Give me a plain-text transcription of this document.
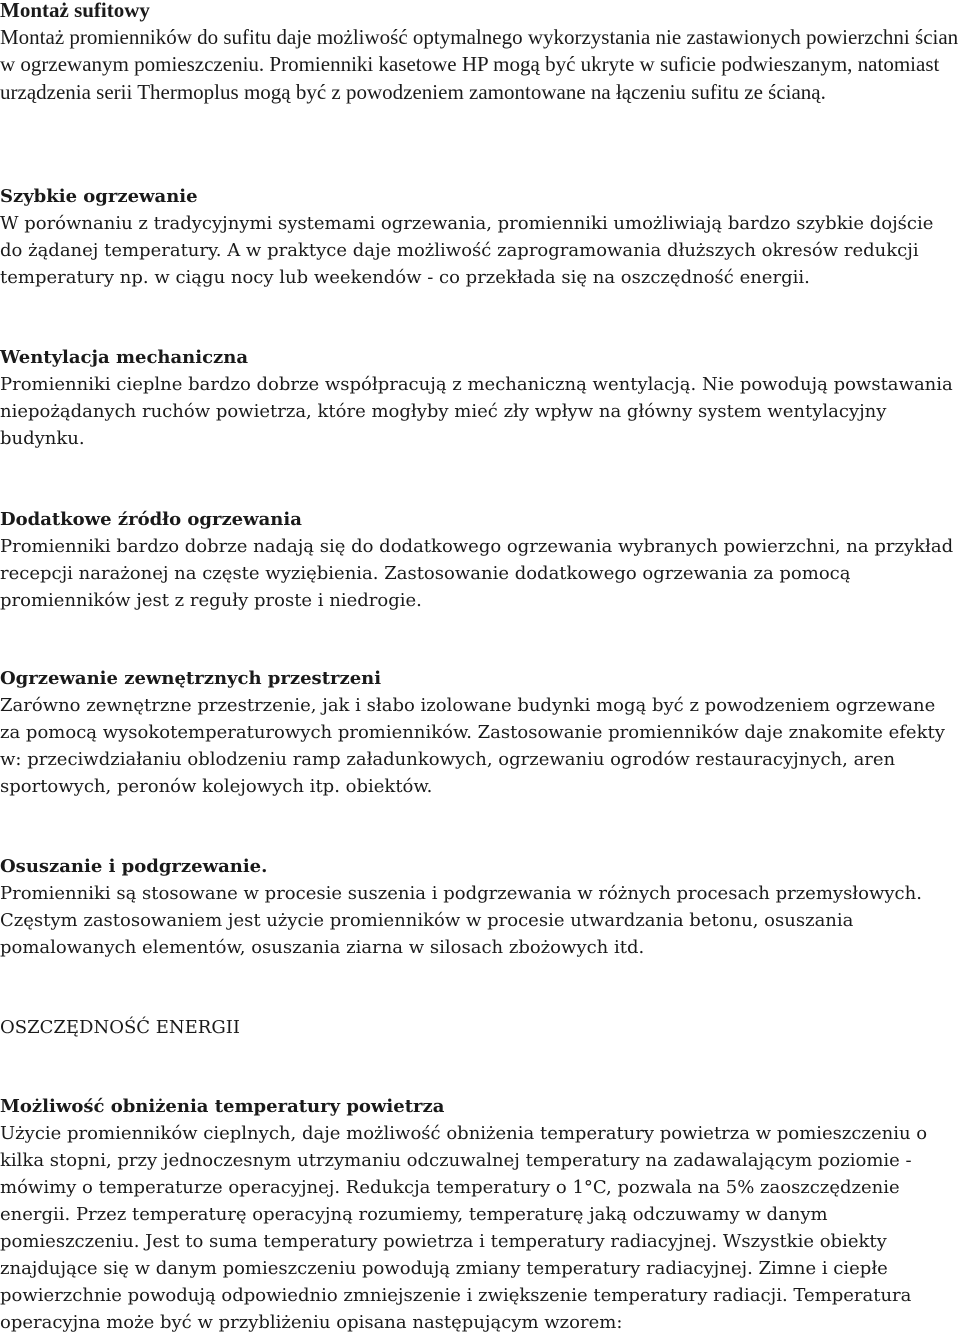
Montaż sufitowy

Montaż promienników do sufitu daje możliwość optymalnego wykorzystania nie zastawionych powierzchni ścian w ogrzewanym pomieszczeniu. Promienniki kasetowe HP mogą być ukryte w suficie podwieszanym, natomiast urządzenia serii Thermoplus mogą być z powodzeniem zamontowane na łączeniu sufitu ze ścianą.

Szybkie ogrzewanie

W porównaniu z tradycyjnymi systemami ogrzewania, promienniki umożliwiają bardzo szybkie dojście do żądanej temperatury. A w praktyce daje możliwość zaprogramowania dłuższych okresów redukcji temperatury np. w ciągu nocy lub weekendów - co przekłada się na oszczędność energii.

Wentylacja mechaniczna

Promienniki cieplne bardzo dobrze współpracują z mechaniczną wentylacją. Nie powodują powstawania niepożądanych ruchów powietrza, które mogłyby mieć zły wpływ na główny system wentylacyjny budynku.

Dodatkowe źródło ogrzewania

Promienniki bardzo dobrze nadają się do dodatkowego ogrzewania wybranych powierzchni, na przykład recepcji narażonej na częste wyziębienia. Zastosowanie dodatkowego ogrzewania za pomocą promienników jest z reguły proste i niedrogie.

Ogrzewanie zewnętrznych przestrzeni

Zarówno zewnętrzne przestrzenie, jak i słabo izolowane budynki mogą być z powodzeniem ogrzewane za pomocą wysokotemperaturowych promienników. Zastosowanie promienników daje znakomite efekty w: przeciwdziałaniu oblodzeniu ramp załadunkowych, ogrzewaniu ogrodów restauracyjnych, aren sportowych, peronów kolejowych itp. obiektów.

Osuszanie i podgrzewanie.

Promienniki są stosowane w procesie suszenia i podgrzewania w różnych procesach przemysłowych. Częstym zastosowaniem jest użycie promienników w procesie utwardzania betonu, osuszania pomalowanych elementów, osuszania ziarna w silosach zbożowych itd.

OSZCZĘDNOŚĆ ENERGII
Możliwość obniżenia temperatury powietrza

Użycie promienników cieplnych, daje możliwość obniżenia temperatury powietrza w pomieszczeniu o kilka stopni, przy jednoczesnym utrzymaniu odczuwalnej temperatury na zadawalającym poziomie - mówimy o temperaturze operacyjnej. Redukcja temperatury o 1°C, pozwala na 5% zaoszczędzenie energii. Przez temperaturę operacyjną rozumiemy, temperaturę jaką odczuwamy w danym pomieszczeniu. Jest to suma temperatury powietrza i temperatury radiacyjnej. Wszystkie obiekty znajdujące się w danym pomieszczeniu powodują zmiany temperatury radiacyjnej. Zimne i ciepłe powierzchnie powodują odpowiednio zmniejszenie i zwiększenie temperatury radiacji. Temperatura operacyjna może być w przybliżeniu opisana następującym wzorem:
